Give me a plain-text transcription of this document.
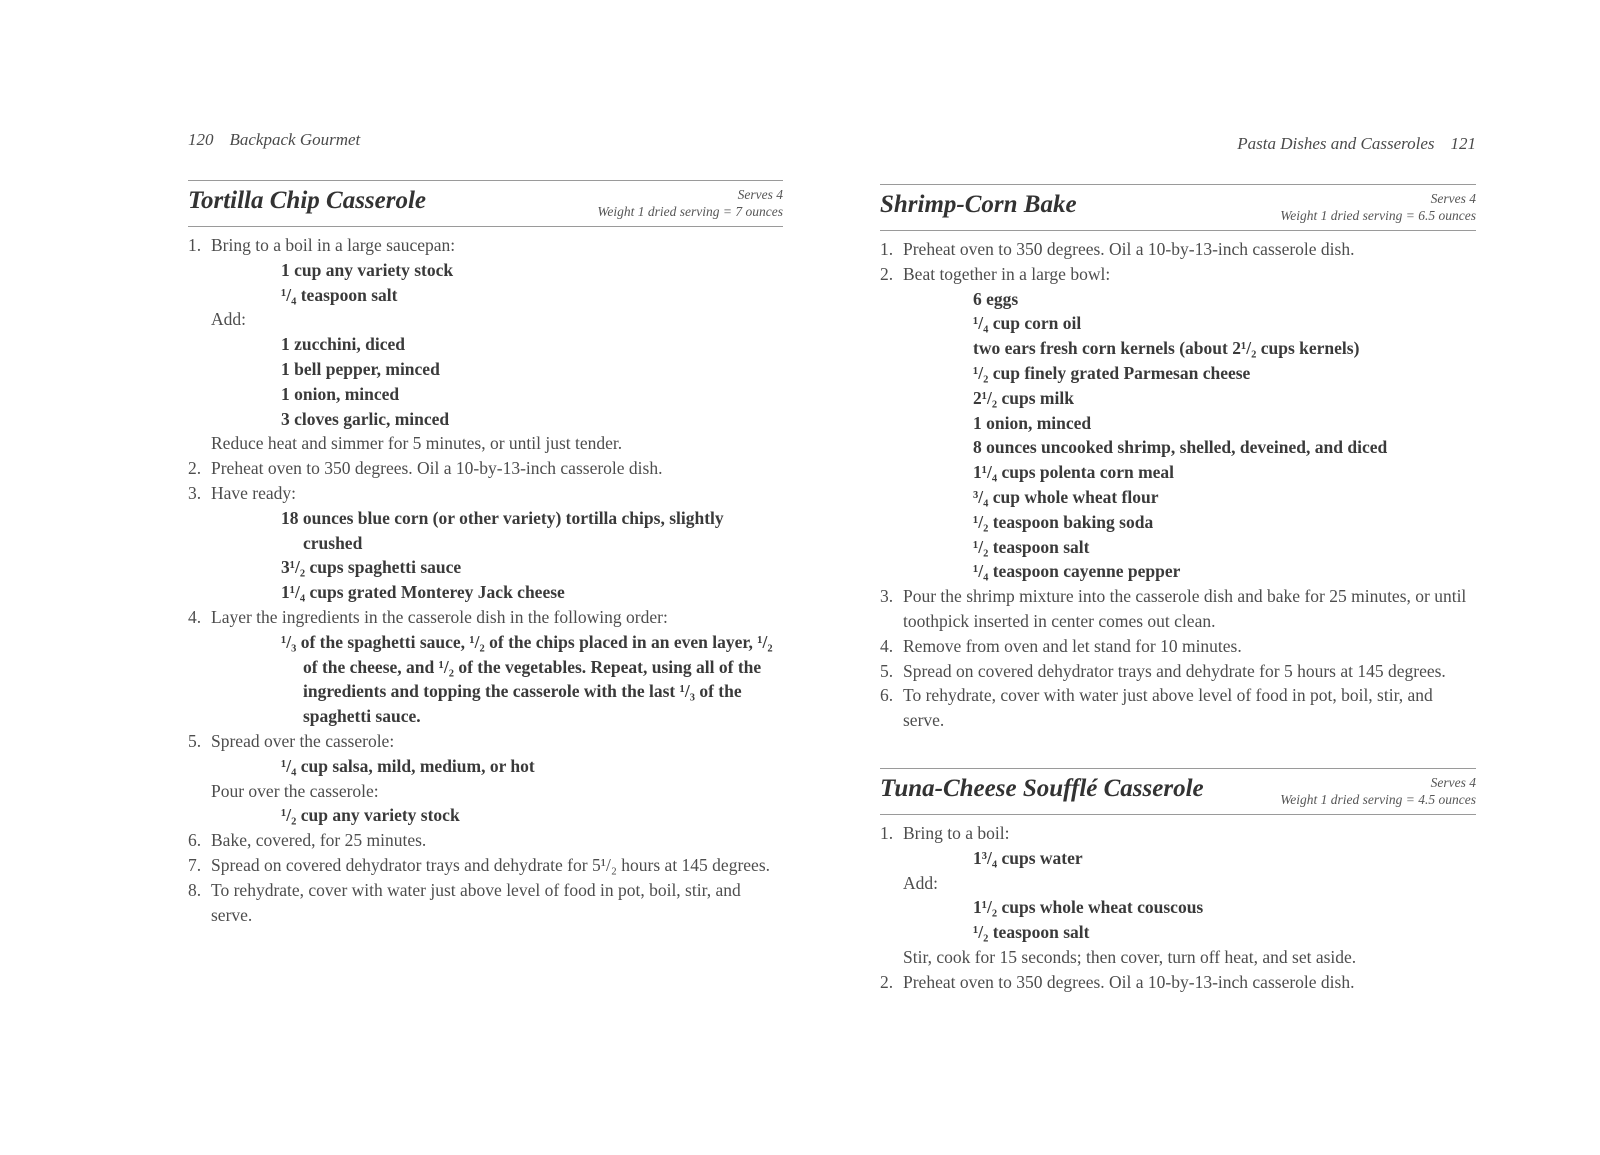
120 Backpack Gourmet
Tortilla Chip Casserole	Serves 4
Weight 1 dried serving = 7 ounces
1. Bring to a boil in a large saucepan:
1 cup any variety stock
¹/₄ teaspoon salt
Add:
1 zucchini, diced
1 bell pepper, minced
1 onion, minced
3 cloves garlic, minced
Reduce heat and simmer for 5 minutes, or until just tender.
2. Preheat oven to 350 degrees. Oil a 10-by-13-inch casserole dish.
3. Have ready:
18 ounces blue corn (or other variety) tortilla chips, slightly crushed
3¹/₂ cups spaghetti sauce
1¹/₄ cups grated Monterey Jack cheese
4. Layer the ingredients in the casserole dish in the following order:
¹/₃ of the spaghetti sauce, ¹/₂ of the chips placed in an even layer, ¹/₂ of the cheese, and ¹/₂ of the vegetables. Repeat, using all of the ingredients and topping the casserole with the last ¹/₃ of the spaghetti sauce.
5. Spread over the casserole:
¹/₄ cup salsa, mild, medium, or hot
Pour over the casserole:
¹/₂ cup any variety stock
6. Bake, covered, for 25 minutes.
7. Spread on covered dehydrator trays and dehydrate for 5¹/₂ hours at 145 degrees.
8. To rehydrate, cover with water just above level of food in pot, boil, stir, and serve.
Pasta Dishes and Casseroles 121
Shrimp-Corn Bake	Serves 4
Weight 1 dried serving = 6.5 ounces
1. Preheat oven to 350 degrees. Oil a 10-by-13-inch casserole dish.
2. Beat together in a large bowl:
6 eggs
¹/₄ cup corn oil
two ears fresh corn kernels (about 2¹/₂ cups kernels)
¹/₂ cup finely grated Parmesan cheese
2¹/₂ cups milk
1 onion, minced
8 ounces uncooked shrimp, shelled, deveined, and diced
1¹/₄ cups polenta corn meal
³/₄ cup whole wheat flour
¹/₂ teaspoon baking soda
¹/₂ teaspoon salt
¹/₄ teaspoon cayenne pepper
3. Pour the shrimp mixture into the casserole dish and bake for 25 minutes, or until toothpick inserted in center comes out clean.
4. Remove from oven and let stand for 10 minutes.
5. Spread on covered dehydrator trays and dehydrate for 5 hours at 145 degrees.
6. To rehydrate, cover with water just above level of food in pot, boil, stir, and serve.
Tuna-Cheese Soufflé Casserole	Serves 4
Weight 1 dried serving = 4.5 ounces
1. Bring to a boil:
1³/₄ cups water
Add:
1¹/₂ cups whole wheat couscous
¹/₂ teaspoon salt
Stir, cook for 15 seconds; then cover, turn off heat, and set aside.
2. Preheat oven to 350 degrees. Oil a 10-by-13-inch casserole dish.
